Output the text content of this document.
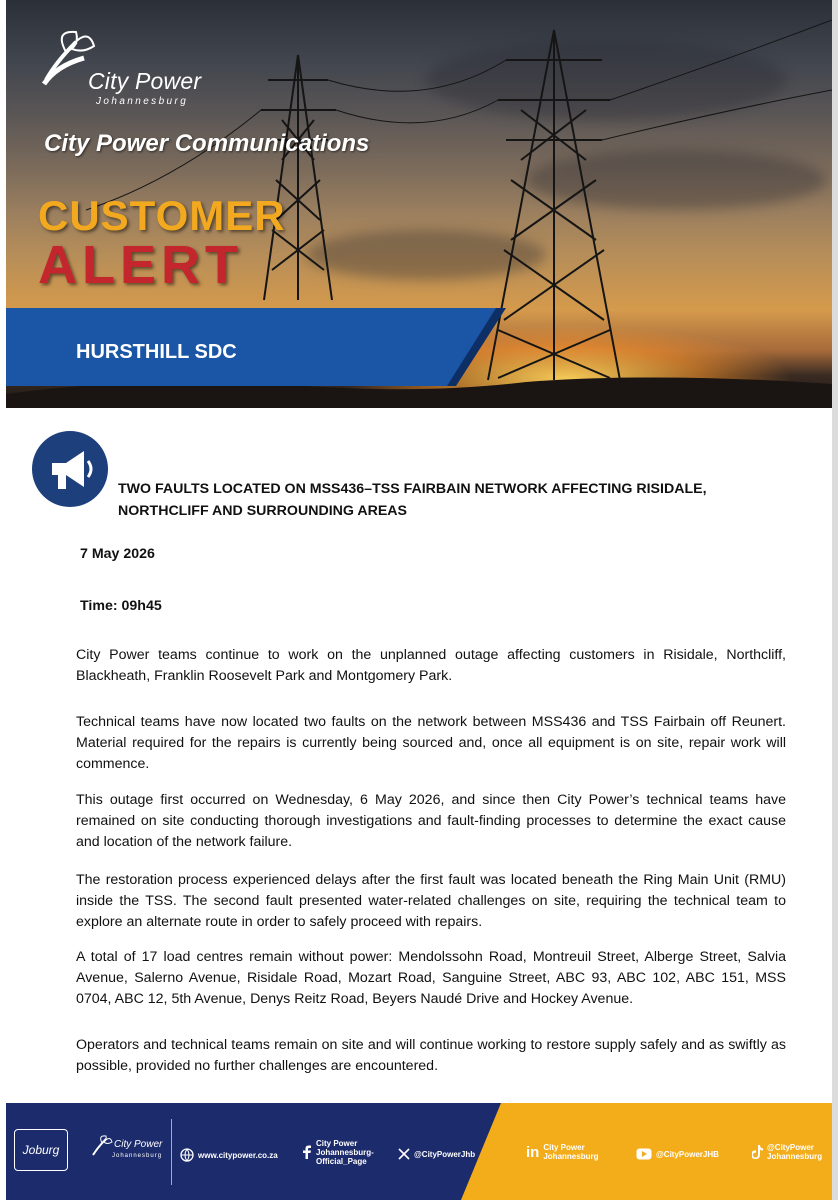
City Power
Johannesburg
City Power Communications
CUSTOMER
ALERT
HURSTHILL SDC
TWO FAULTS LOCATED ON MSS436–TSS FAIRBAIN NETWORK AFFECTING RISIDALE, NORTHCLIFF AND SURROUNDING AREAS
7 May 2026
Time: 09h45
City Power teams continue to work on the unplanned outage affecting customers in Risidale, Northcliff, Blackheath, Franklin Roosevelt Park and Montgomery Park.
Technical teams have now located two faults on the network between MSS436 and TSS Fairbain off Reunert. Material required for the repairs is currently being sourced and, once all equipment is on site, repair work will commence.
This outage first occurred on Wednesday, 6 May 2026, and since then City Power’s technical teams have remained on site conducting thorough investigations and fault-finding processes to determine the exact cause and location of the network failure.
The restoration process experienced delays after the first fault was located beneath the Ring Main Unit (RMU) inside the TSS. The second fault presented water-related challenges on site, requiring the technical team to explore an alternate route in order to safely proceed with repairs.
A total of 17 load centres remain without power: Mendolssohn Road, Montreuil Street, Alberge Street, Salvia Avenue, Salerno Avenue, Risidale Road, Mozart Road, Sanguine Street, ABC 93, ABC 102, ABC 151, MSS 0704, ABC 12, 5th Avenue, Denys Reitz Road, Beyers Naudé Drive and Hockey Avenue.
Operators and technical teams remain on site and will continue working to restore supply safely and as swiftly as possible, provided no further challenges are encountered.
Joburg	City Power
Johannesburg	www.citypower.co.za
City Power
Johannesburg-
Official_Page
@CityPowerJhb	in City Power
Johannesburg	@CityPowerJHB
@CityPower
Johannesburg
